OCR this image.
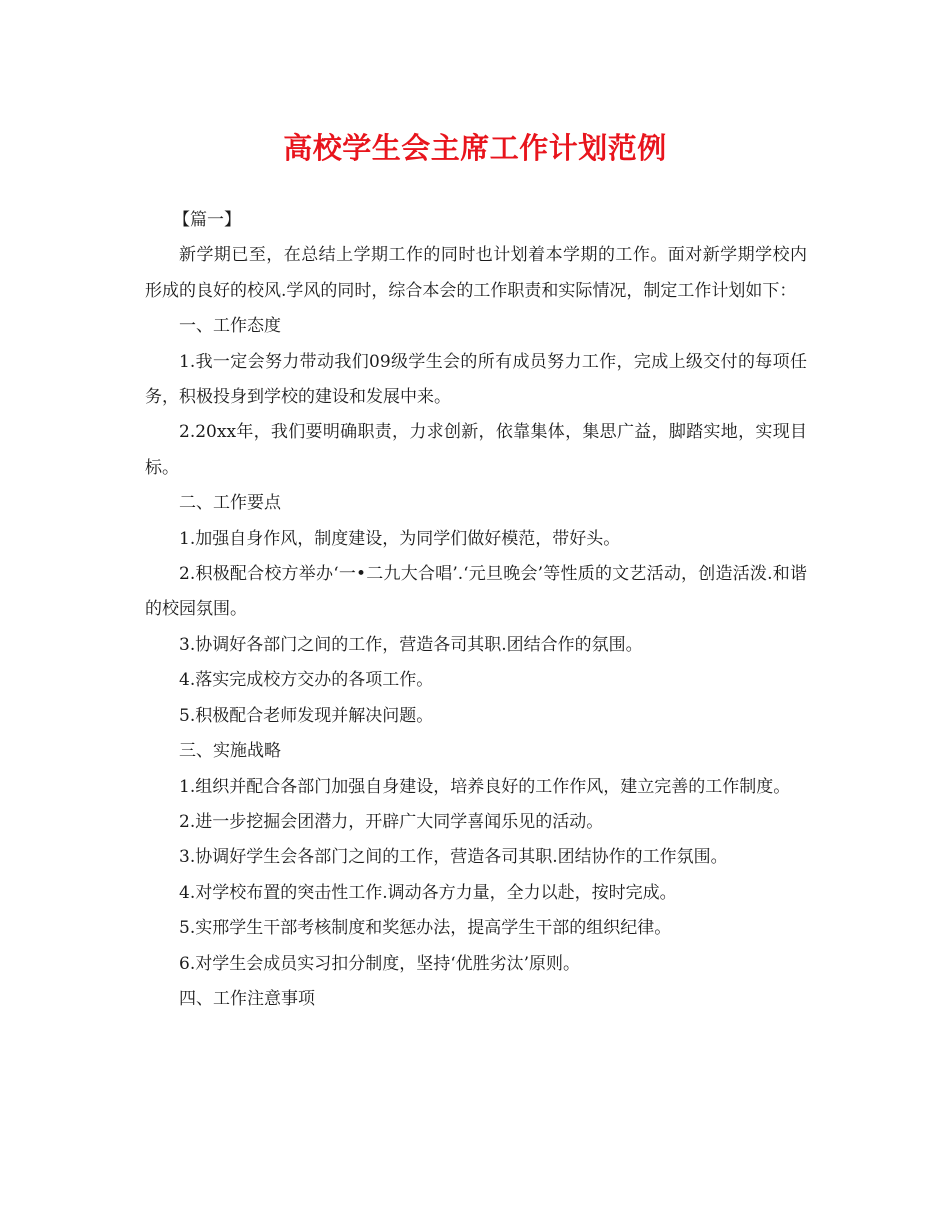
高校学生会主席工作计划范例

【篇一】

新学期已至，在总结上学期工作的同时也计划着本学期的工作。面对新学期学校内形成的良好的校风.学风的同时，综合本会的工作职责和实际情况，制定工作计划如下：

一、工作态度

1.我一定会努力带动我们09级学生会的所有成员努力工作，完成上级交付的每项任务，积极投身到学校的建设和发展中来。

2.20xx年，我们要明确职责，力求创新，依靠集体，集思广益，脚踏实地，实现目标。

二、工作要点

1.加强自身作风，制度建设，为同学们做好模范，带好头。

2.积极配合校方举办‘一•二九大合唱’.‘元旦晚会’等性质的文艺活动，创造活泼.和谐的校园氛围。

3.协调好各部门之间的工作，营造各司其职.团结合作的氛围。

4.落实完成校方交办的各项工作。

5.积极配合老师发现并解决问题。

三、实施战略

1.组织并配合各部门加强自身建设，培养良好的工作作风，建立完善的工作制度。

2.进一步挖掘会团潜力，开辟广大同学喜闻乐见的活动。

3.协调好学生会各部门之间的工作，营造各司其职.团结协作的工作氛围。

4.对学校布置的突击性工作.调动各方力量，全力以赴，按时完成。

5.实邢学生干部考核制度和奖惩办法，提高学生干部的组织纪律。

6.对学生会成员实习扣分制度，坚持‘优胜劣汰’原则。

四、工作注意事项
